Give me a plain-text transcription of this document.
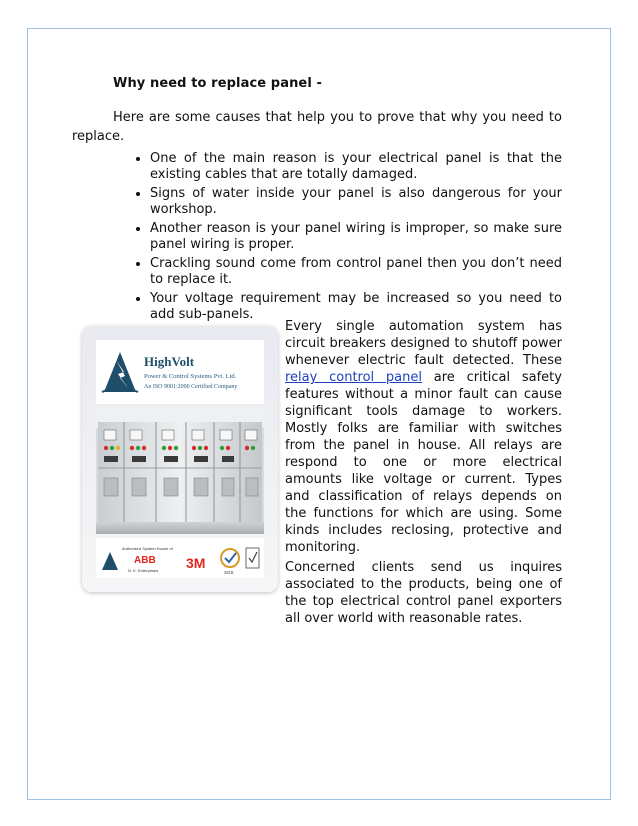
Why need to replace panel -

Here are some causes that help you to prove that why you need to replace.

• One of the main reason is your electrical panel is that the existing cables that are totally damaged.
• Signs of water inside your panel is also dangerous for your workshop.
• Another reason is your panel wiring is improper, so make sure panel wiring is proper.
• Crackling sound come from control panel then you don’t need to replace it.
• Your voltage requirement may be increased so you need to add sub-panels.
HighVolt
Power & Control Systems Pvt. Ltd.
An ISO 9001:2000 Certified Company
Authorised System House of
ABB
N. K. Enterprises 3M
SGS

Every single automation system has circuit breakers designed to shutoff power whenever electric fault detected. These relay control panel are critical safety features without a minor fault can cause significant tools damage to workers. Mostly folks are familiar with switches from the panel in house. All relays are respond to one or more electrical amounts like voltage or current. Types and classification of relays depends on the functions for which are using. Some kinds includes reclosing, protective and monitoring.

Concerned clients send us inquires associated to the products, being one of the top electrical control panel exporters all over world with reasonable rates.
